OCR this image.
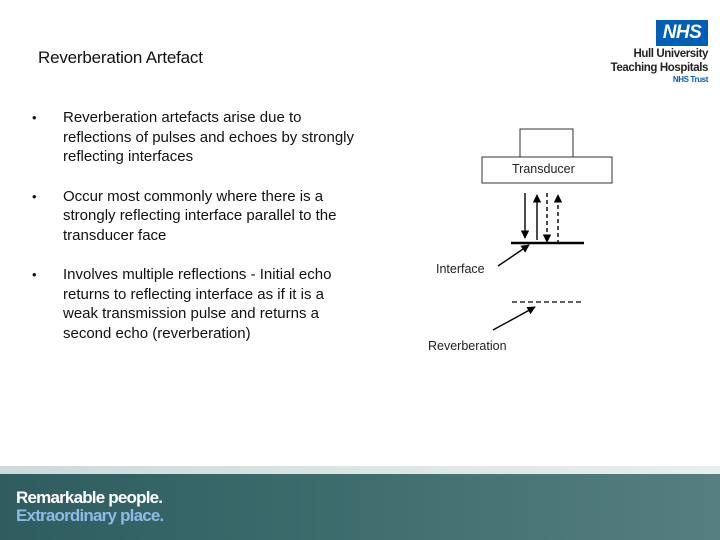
Reverberation Artefact
NHS
Hull University
Teaching Hospitals
NHS Trust
• Reverberation artefacts arise due to reflections of pulses and echoes by strongly reflecting interfaces
• Occur most commonly where there is a strongly reflecting interface parallel to the transducer face
• Involves multiple reflections - Initial echo returns to reflecting interface as if it is a weak transmission pulse and returns a second echo (reverberation)
Transducer
Interface
Reverberation
Remarkable people.
Extraordinary place.
